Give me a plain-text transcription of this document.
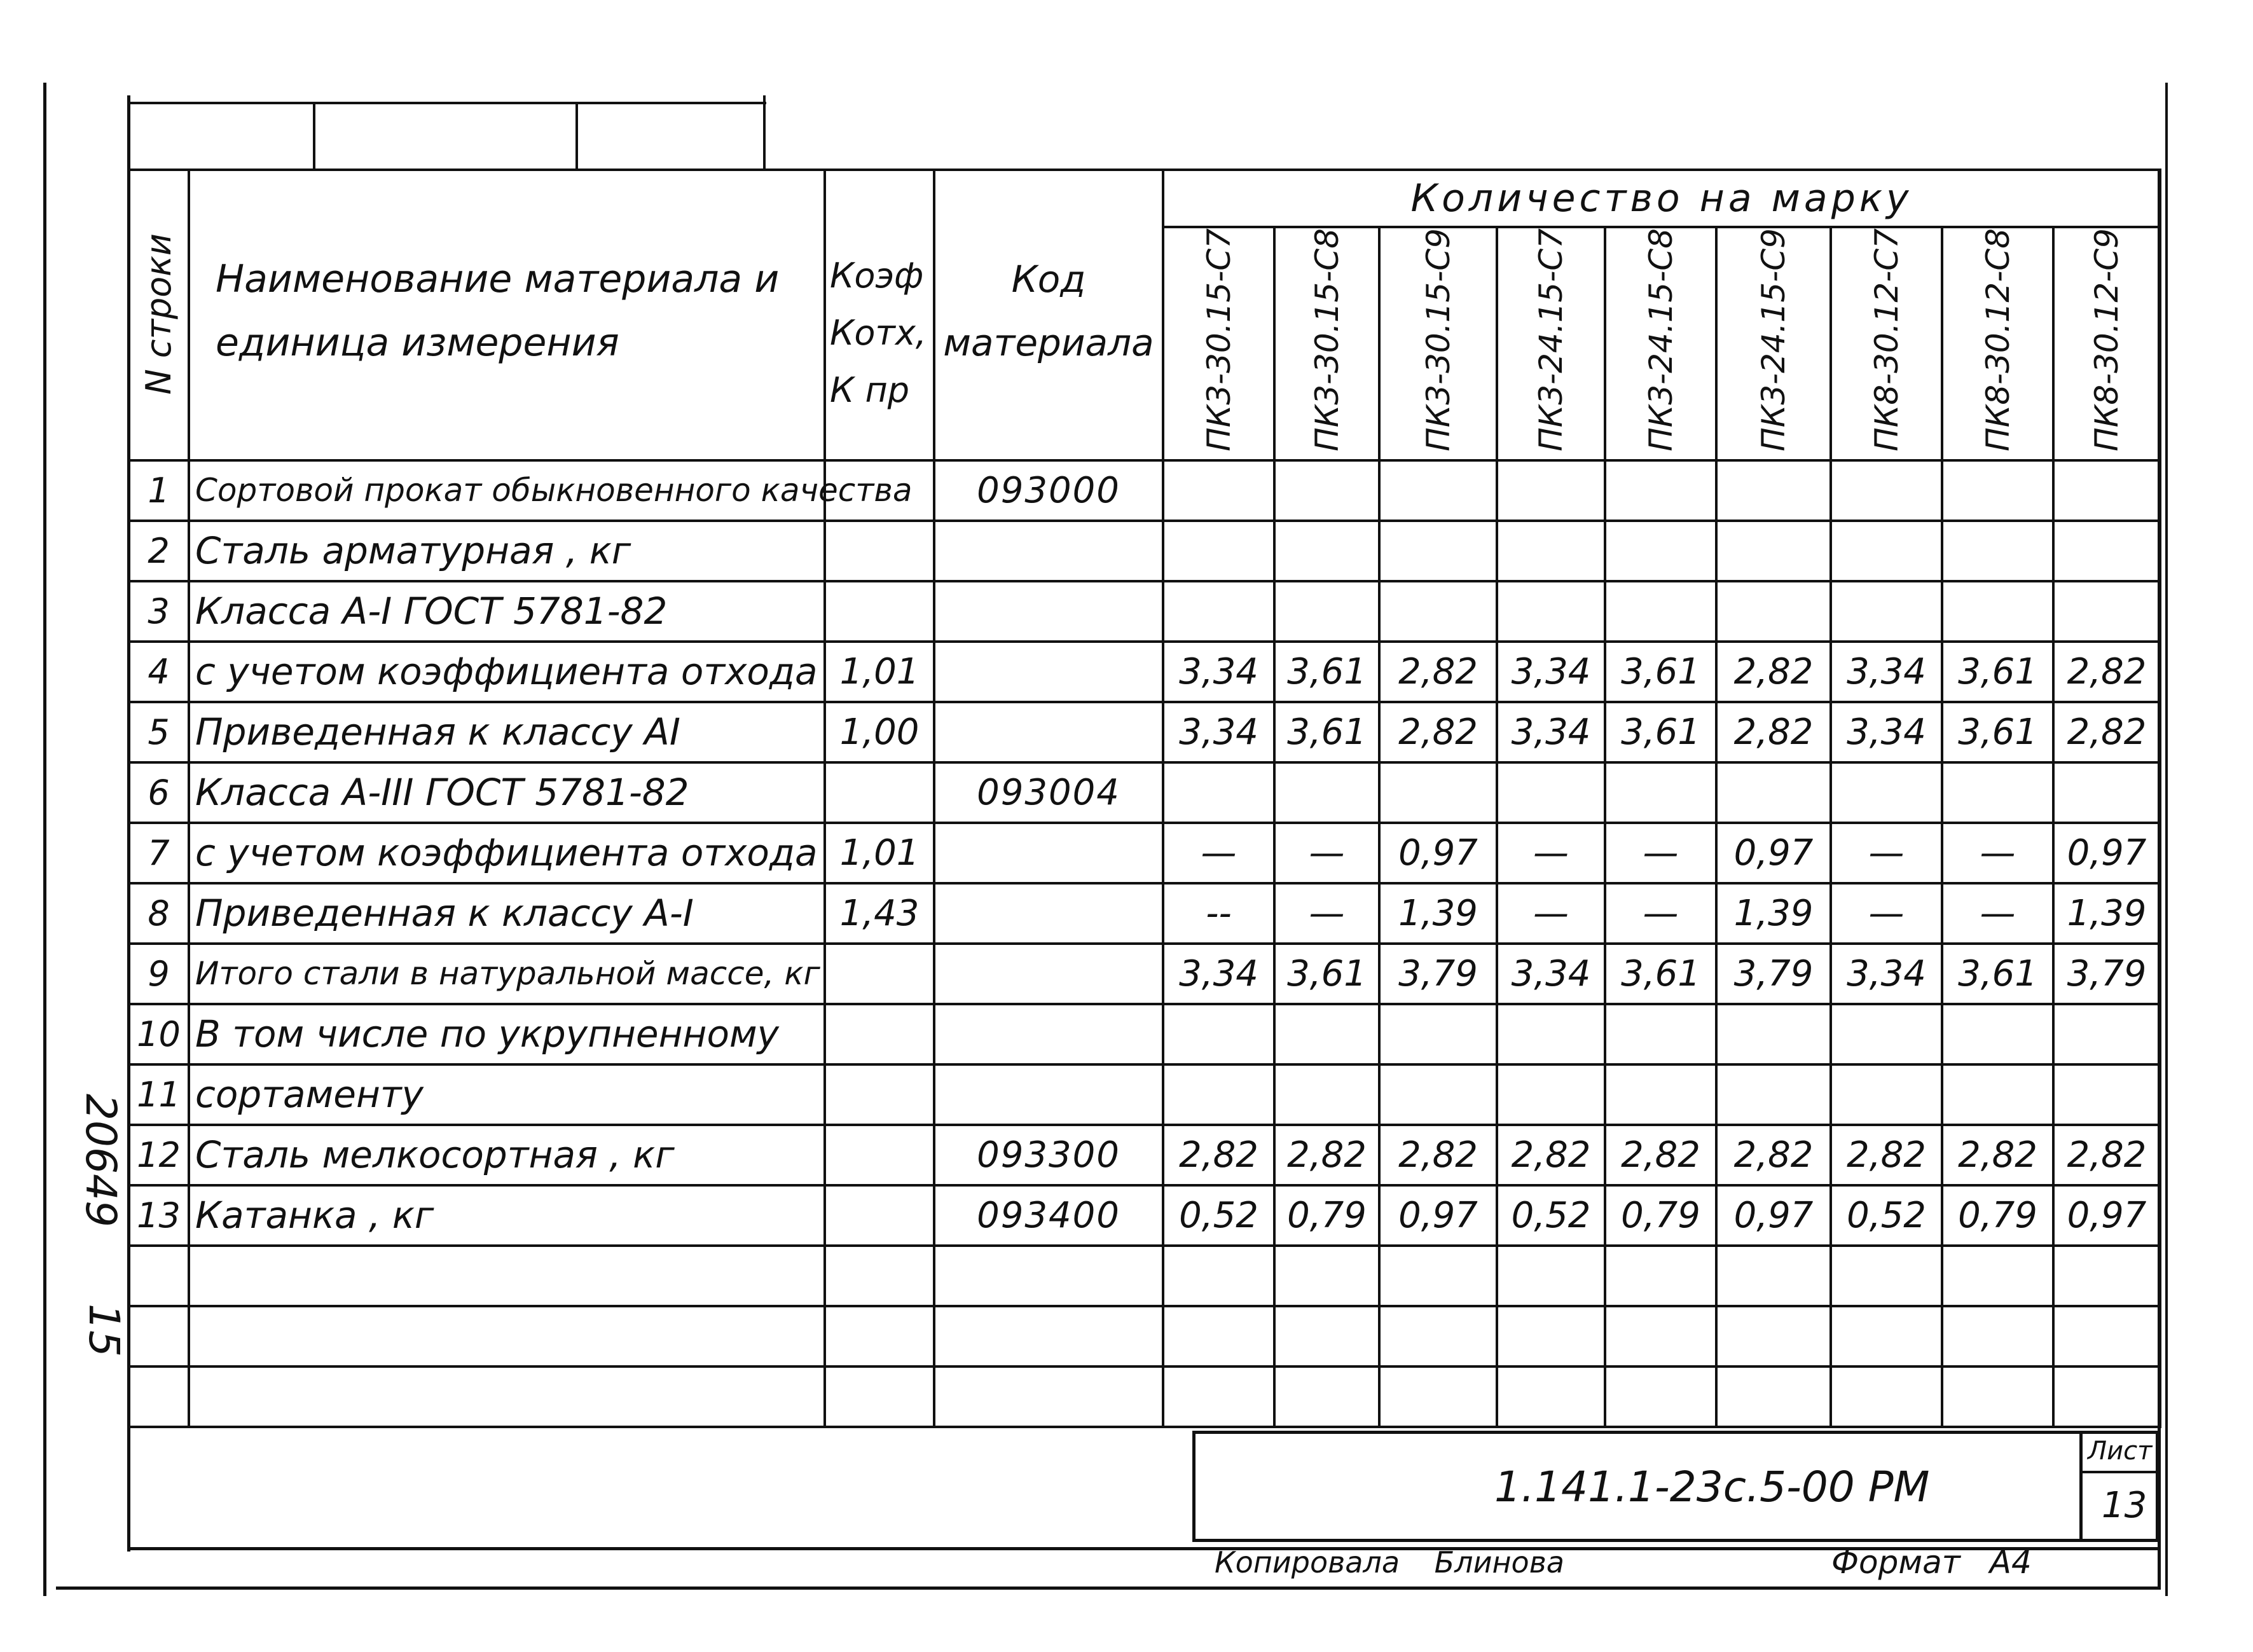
N строки	Наименование материала и единица измерения	Коэф Котх, К пр	Код материала	Количество на марку								
				ПК3-30.15-С7	ПК3-30.15-С8	ПК3-30.15-С9	ПК3-24.15-С7	ПК3-24.15-С8	ПК3-24.15-С9	ПК8-30.12-С7	ПК8-30.12-С8	ПК8-30.12-С9
1	Сортовой прокат обыкновенного качества		093000									
2	Сталь арматурная , кг											
3	Класса А-I ГОСТ 5781-82											
4	с учетом коэффициента отхода	1,01		3,34	3,61	2,82	3,34	3,61	2,82	3,34	3,61	2,82
5	Приведенная к классу АI	1,00		3,34	3,61	2,82	3,34	3,61	2,82	3,34	3,61	2,82
6	Класса А-III ГОСТ 5781-82		093004									
7	с учетом коэффициента отхода	1,01		—	—	0,97	—	—	0,97	—	—	0,97
8	Приведенная к классу А-I	1,43		--	—	1,39	—	—	1,39	—	—	1,39
9	Итого стали в натуральной массе, кг			3,34	3,61	3,79	3,34	3,61	3,79	3,34	3,61	3,79
10	В том числе по укрупненному											
11	сортаменту											
12	Сталь мелкосортная , кг		093300	2,82	2,82	2,82	2,82	2,82	2,82	2,82	2,82	2,82
13	Катанка , кг		093400	0,52	0,79	0,97	0,52	0,79	0,97	0,52	0,79	0,97

1.141.1-23с.5-00 РМ
Лист
13
Копировала Блинова	Формат А4
20649
15
